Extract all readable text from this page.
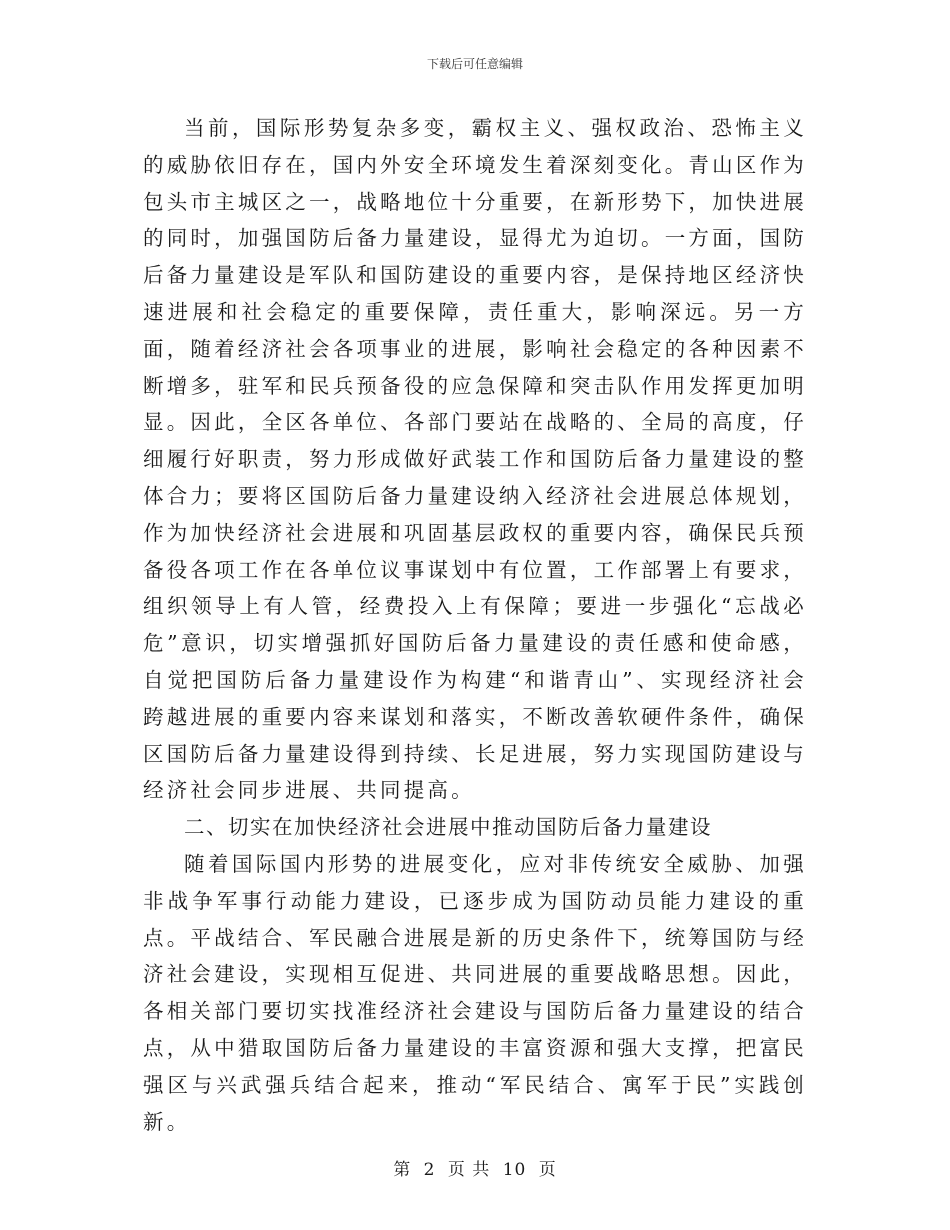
下载后可任意编辑

当前，国际形势复杂多变，霸权主义、强权政治、恐怖主义的威胁依旧存在，国内外安全环境发生着深刻变化。青山区作为包头市主城区之一，战略地位十分重要，在新形势下，加快进展的同时，加强国防后备力量建设，显得尤为迫切。一方面，国防后备力量建设是军队和国防建设的重要内容，是保持地区经济快速进展和社会稳定的重要保障，责任重大，影响深远。另一方面，随着经济社会各项事业的进展，影响社会稳定的各种因素不断增多，驻军和民兵预备役的应急保障和突击队作用发挥更加明显。因此，全区各单位、各部门要站在战略的、全局的高度，仔细履行好职责，努力形成做好武装工作和国防后备力量建设的整体合力；要将区国防后备力量建设纳入经济社会进展总体规划，作为加快经济社会进展和巩固基层政权的重要内容，确保民兵预备役各项工作在各单位议事谋划中有位置，工作部署上有要求，组织领导上有人管，经费投入上有保障；要进一步强化“忘战必危”意识，切实增强抓好国防后备力量建设的责任感和使命感，自觉把国防后备力量建设作为构建“和谐青山”、实现经济社会跨越进展的重要内容来谋划和落实，不断改善软硬件条件，确保区国防后备力量建设得到持续、长足进展，努力实现国防建设与经济社会同步进展、共同提高。

二、切实在加快经济社会进展中推动国防后备力量建设

随着国际国内形势的进展变化，应对非传统安全威胁、加强非战争军事行动能力建设，已逐步成为国防动员能力建设的重点。平战结合、军民融合进展是新的历史条件下，统筹国防与经济社会建设，实现相互促进、共同进展的重要战略思想。因此，各相关部门要切实找准经济社会建设与国防后备力量建设的结合点，从中猎取国防后备力量建设的丰富资源和强大支撑，把富民强区与兴武强兵结合起来，推动“军民结合、寓军于民”实践创新。

第 2 页 共 10 页
